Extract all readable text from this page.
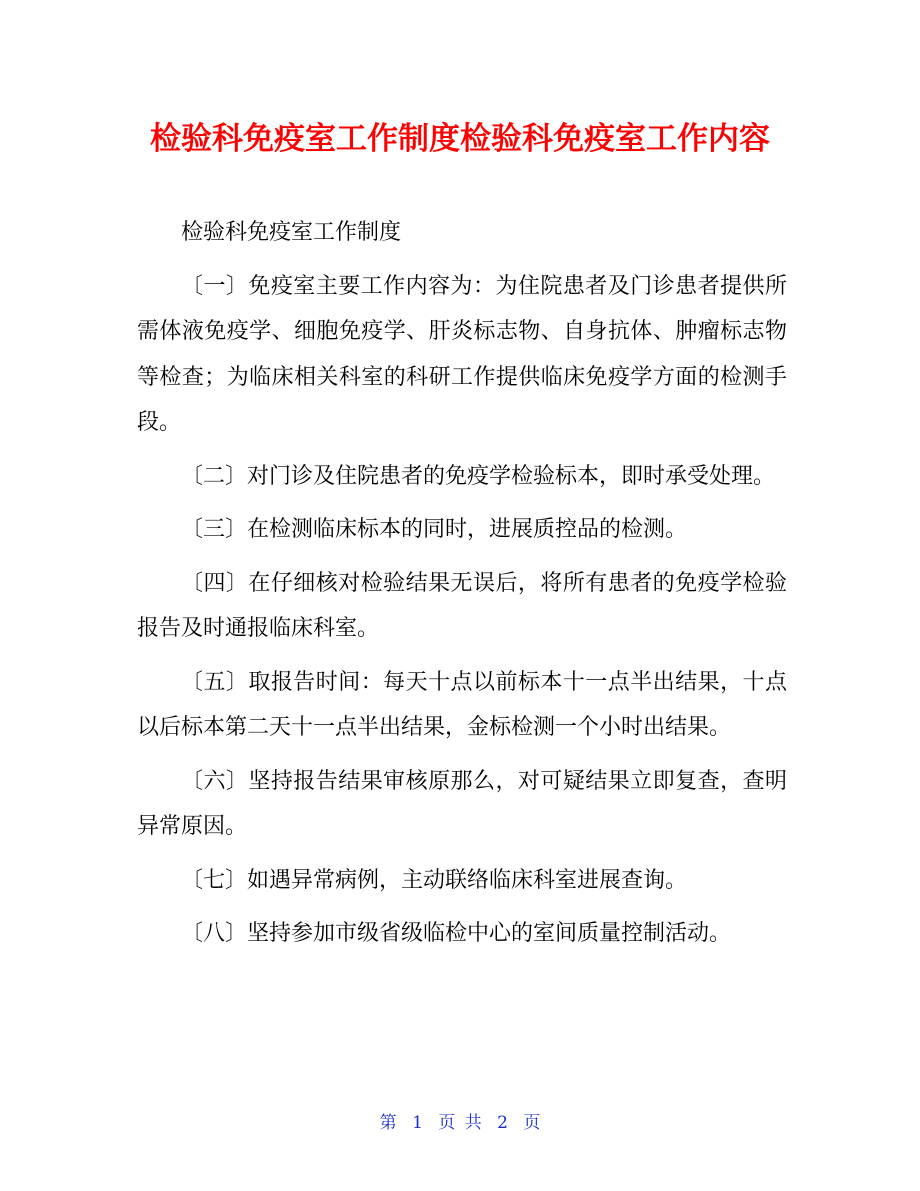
检验科免疫室工作制度检验科免疫室工作内容

检验科免疫室工作制度

〔一〕免疫室主要工作内容为：为住院患者及门诊患者提供所需体液免疫学、细胞免疫学、肝炎标志物、自身抗体、肿瘤标志物等检查；为临床相关科室的科研工作提供临床免疫学方面的检测手段。

〔二〕对门诊及住院患者的免疫学检验标本，即时承受处理。

〔三〕在检测临床标本的同时，进展质控品的检测。

〔四〕在仔细核对检验结果无误后，将所有患者的免疫学检验报告及时通报临床科室。

〔五〕取报告时间：每天十点以前标本十一点半出结果，十点以后标本第二天十一点半出结果，金标检测一个小时出结果。

〔六〕坚持报告结果审核原那么，对可疑结果立即复查，查明异常原因。

〔七〕如遇异常病例，主动联络临床科室进展查询。

〔八〕坚持参加市级省级临检中心的室间质量控制活动。

第 1 页 共 2 页
